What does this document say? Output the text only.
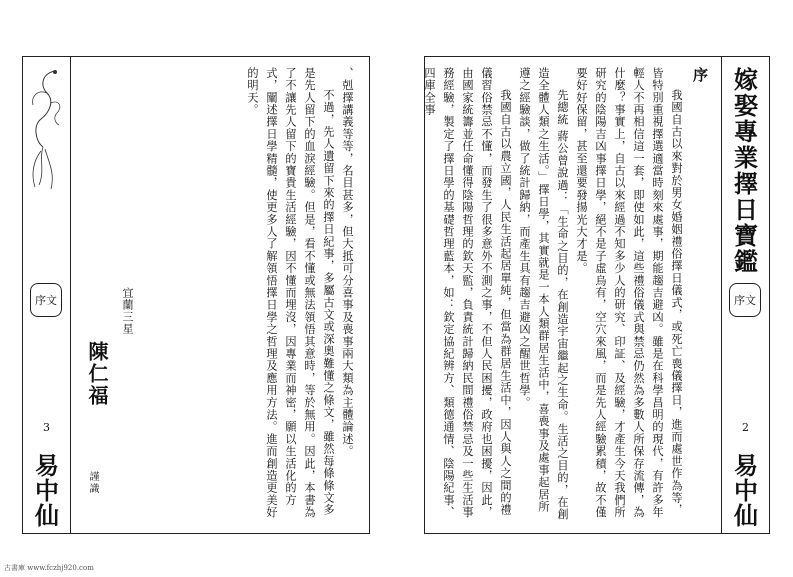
序

我國自古以來對於男女婚姻禮俗擇日儀式，或死亡喪儀擇日，進而處世作為等，皆特別重視擇選適當時刻來處事，期能趨吉避凶。雖是在科學昌明的現代，有許多年輕人不再相信這一套，即使如此，這些禮俗儀式與禁忌仍然為多數人所保存流傳，為什麼？事實上，自古以來經過不知多少人的研究、印証、及經驗，才產生今天我們所研究的陰陽吉凶事擇日學，絕不是子虛烏有，空穴來風，而是先人經驗累積，故不僅要好好保留，甚至還要發揚光大才是。

先總統 蔣公曾說過：「生命之目的，在創造宇宙繼起之生命。生活之目的，在創造全體人類之生活。」擇日學，其實就是一本人類群居生活中，喜喪事及處事起居所遵之經驗談，做了統計歸納，而產生具有趨吉避凶之醒世哲學。

我國自古以農立國，人民生活起居單純，但當為群居生活中，因人與人之間的禮儀習俗禁忌不懂，而發生了很多意外不測之事，不但人民困擾，政府也困擾，因此，由國家統籌並任命懂得陰陽哲理的欽天監，負責統計歸納民間禮俗禁忌及一些生活事務經驗，製定了擇日學的基礎哲理藍本，如：欽定協紀辨方、類德通情、陰陽紀事、四庫全事	嫁娶專業擇日寶鑑
序文
2
易中仙
序文
3
易中仙

、剋擇講義等等，名目甚多，但大抵可分喜事及喪事兩大類為主體論述。

不過，先人遺留下來的擇日紀事，多屬古文或深奧難懂之條文，雖然每條條文多是先人留下的血淚經驗。但是，看不懂或無法領悟其意時，等於無用。因此，本書為了不讓先人留下的寶貴生活經驗，因不懂而埋沒，因專業而神密，願以生活化的方式，闡述擇日學精髓，使更多人了解領悟擇日學之哲理及應用方法。進而創造更美好的明天。

宜蘭三星
陳仁福
謹識
古書庫 www.fczhj920.com
